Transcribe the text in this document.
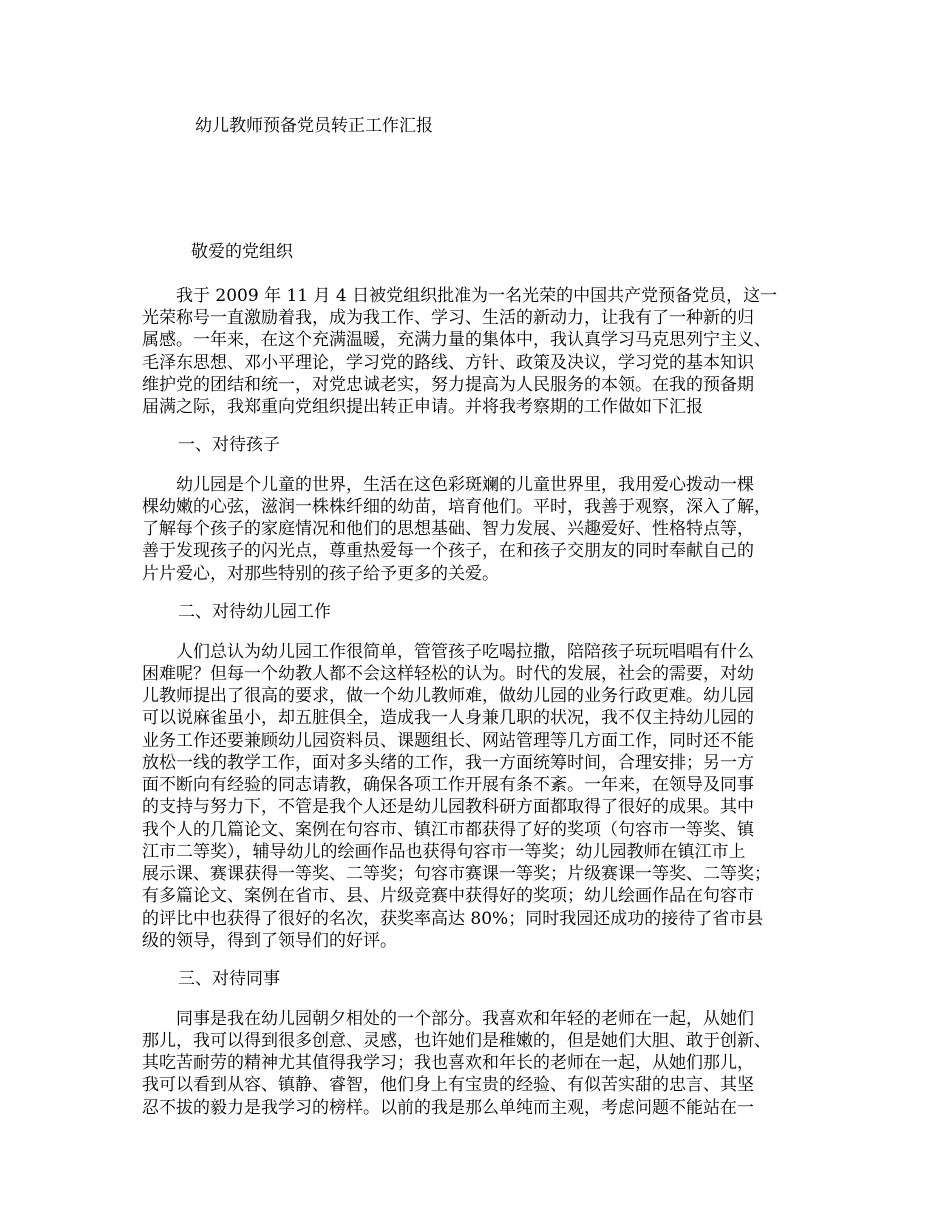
幼儿教师预备党员转正工作汇报
敬爱的党组织
　　我于 2009 年 11 月 4 日被党组织批准为一名光荣的中国共产党预备党员，这一
光荣称号一直激励着我，成为我工作、学习、生活的新动力，让我有了一种新的归
属感。一年来，在这个充满温暖，充满力量的集体中，我认真学习马克思列宁主义、
毛泽东思想、邓小平理论，学习党的路线、方针、政策及决议，学习党的基本知识
维护党的团结和统一，对党忠诚老实，努力提高为人民服务的本领。在我的预备期
届满之际，我郑重向党组织提出转正申请。并将我考察期的工作做如下汇报
一、对待孩子
　　幼儿园是个儿童的世界，生活在这色彩斑斓的儿童世界里，我用爱心拨动一棵
棵幼嫩的心弦，滋润一株株纤细的幼苗，培育他们。平时，我善于观察，深入了解，
了解每个孩子的家庭情况和他们的思想基础、智力发展、兴趣爱好、性格特点等，
善于发现孩子的闪光点，尊重热爱每一个孩子，在和孩子交朋友的同时奉献自己的
片片爱心，对那些特别的孩子给予更多的关爱。
二、对待幼儿园工作
　　人们总认为幼儿园工作很简单，管管孩子吃喝拉撒，陪陪孩子玩玩唱唱有什么
困难呢？但每一个幼教人都不会这样轻松的认为。时代的发展，社会的需要，对幼
儿教师提出了很高的要求，做一个幼儿教师难，做幼儿园的业务行政更难。幼儿园
可以说麻雀虽小，却五脏俱全，造成我一人身兼几职的状况，我不仅主持幼儿园的
业务工作还要兼顾幼儿园资料员、课题组长、网站管理等几方面工作，同时还不能
放松一线的教学工作，面对多头绪的工作，我一方面统筹时间，合理安排；另一方
面不断向有经验的同志请教，确保各项工作开展有条不紊。一年来，在领导及同事
的支持与努力下，不管是我个人还是幼儿园教科研方面都取得了很好的成果。其中
我个人的几篇论文、案例在句容市、镇江市都获得了好的奖项（句容市一等奖、镇
江市二等奖），辅导幼儿的绘画作品也获得句容市一等奖；幼儿园教师在镇江市上
展示课、赛课获得一等奖、二等奖；句容市赛课一等奖；片级赛课一等奖、二等奖；
有多篇论文、案例在省市、县、片级竞赛中获得好的奖项；幼儿绘画作品在句容市
的评比中也获得了很好的名次，获奖率高达 80%；同时我园还成功的接待了省市县
级的领导，得到了领导们的好评。
三、对待同事
　　同事是我在幼儿园朝夕相处的一个部分。我喜欢和年轻的老师在一起，从她们
那儿，我可以得到很多创意、灵感，也许她们是稚嫩的，但是她们大胆、敢于创新、
其吃苦耐劳的精神尤其值得我学习；我也喜欢和年长的老师在一起，从她们那儿，
我可以看到从容、镇静、睿智，他们身上有宝贵的经验、有似苦实甜的忠言、其坚
忍不拔的毅力是我学习的榜样。以前的我是那么单纯而主观，考虑问题不能站在一
